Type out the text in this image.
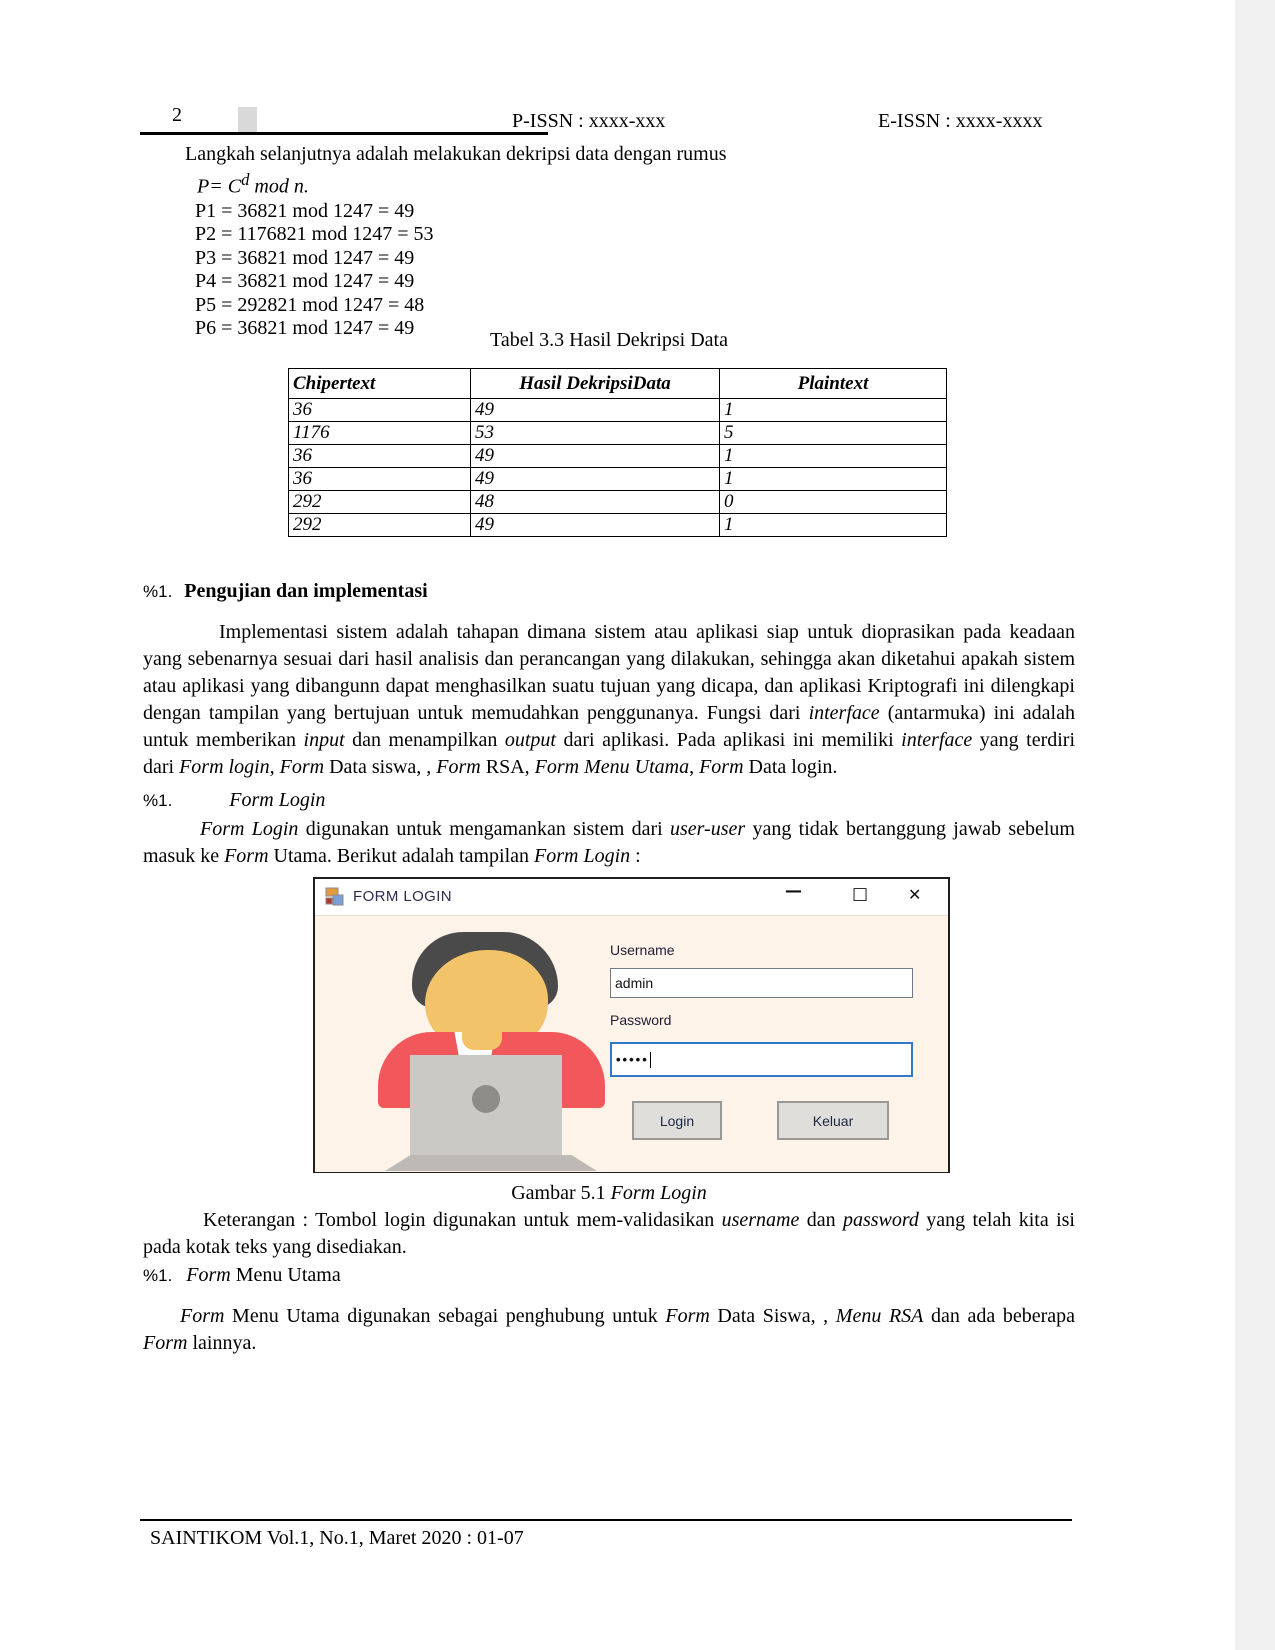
2	P-ISSN : xxxx-xxx	E-ISSN : xxxx-xxxx
Langkah selanjutnya adalah melakukan dekripsi data dengan rumus
$P= C^d$ mod n.
P1 = 36821 mod 1247 = 49
P2 = 1176821 mod 1247 = 53
P3 = 36821 mod 1247 = 49
P4 = 36821 mod 1247 = 49
P5 = 292821 mod 1247 = 48
P6 = 36821 mod 1247 = 49
Tabel 3.3 Hasil Dekripsi Data
Chipertext	Hasil DekripsiData	Plaintext
36	49	1
1176	53	5
36	49	1
36	49	1
292	48	0
292	49	1
%1. Pengujian dan implementasi

Implementasi sistem adalah tahapan dimana sistem atau aplikasi siap untuk dioprasikan pada keadaan yang sebenarnya sesuai dari hasil analisis dan perancangan yang dilakukan, sehingga akan diketahui apakah sistem atau aplikasi yang dibangunn dapat menghasilkan suatu tujuan yang dicapa, dan aplikasi Kriptografi ini dilengkapi dengan tampilan yang bertujuan untuk memudahkan penggunanya. Fungsi dari interface (antarmuka) ini adalah untuk memberikan input dan menampilkan output dari aplikasi. Pada aplikasi ini memiliki interface yang terdiri dari Form login, Form Data siswa, , Form RSA, Form Menu Utama, Form Data login.

%1.	Form Login

Form Login digunakan untuk mengamankan sistem dari user-user yang tidak bertanggung jawab sebelum masuk ke Form Utama. Berikut adalah tampilan Form Login :

FORM LOGIN	—	□ ✕
Username
admin
Password
•••••
Login	Keluar
Gambar 5.1 Form Login

Keterangan : Tombol login digunakan untuk mem-validasikan username dan password yang telah kita isi pada kotak teks yang disediakan.

%1. Form Menu Utama

Form Menu Utama digunakan sebagai penghubung untuk Form Data Siswa, , Menu RSA dan ada beberapa Form lainnya.

SAINTIKOM Vol.1, No.1, Maret 2020 : 01-07
